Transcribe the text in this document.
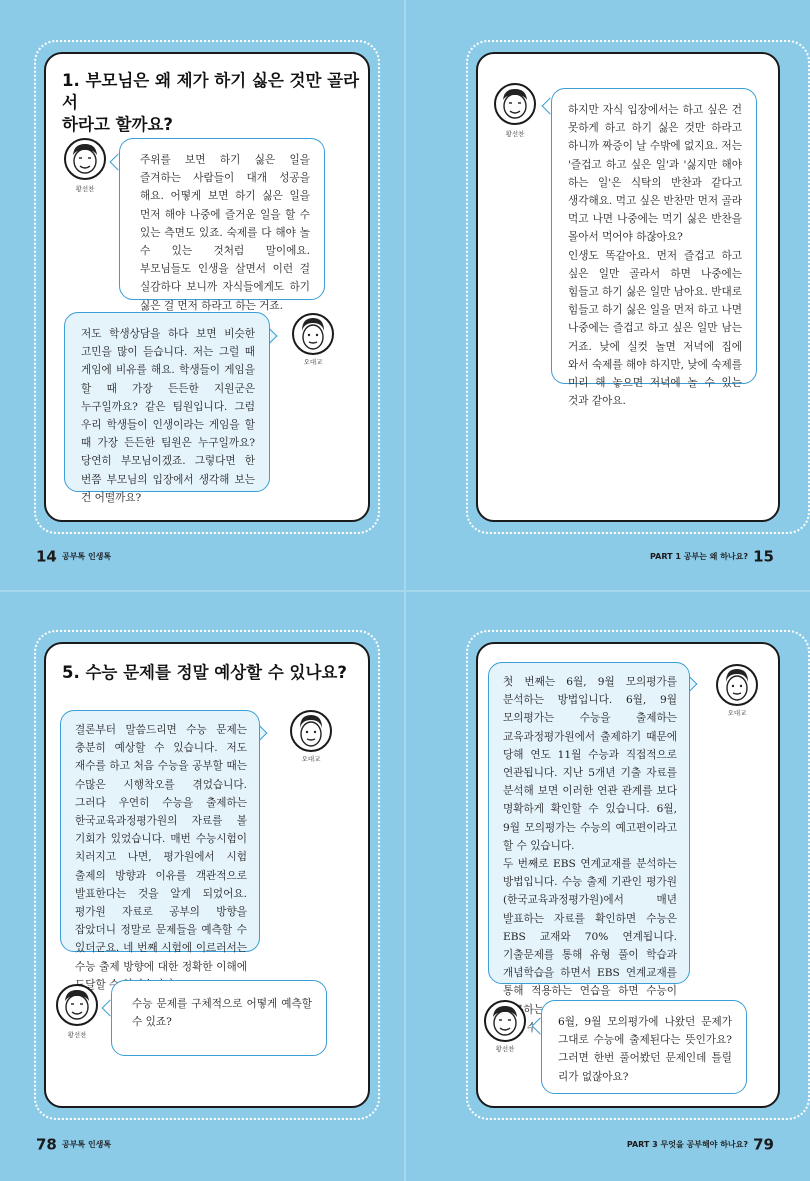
1. 부모님은 왜 제가 하기 싫은 것만 골라서
하라고 할까요?
황선찬
주위를 보면 하기 싫은 일을 즐겨하는 사람들이 대개 성공을 해요. 어떻게 보면 하기 싫은 일을 먼저 해야 나중에 즐거운 일을 할 수 있는 측면도 있죠. 숙제를 다 해야 놀 수 있는 것처럼 말이에요. 부모님들도 인생을 살면서 이런 걸 실감하다 보니까 자식들에게도 하기 싫은 걸 먼저 하라고 하는 거죠.
오대교
저도 학생상담을 하다 보면 비슷한 고민을 많이 듣습니다. 저는 그럴 때 게임에 비유를 해요. 학생들이 게임을 할 때 가장 든든한 지원군은 누구일까요? 같은 팀원입니다. 그럼 우리 학생들이 인생이라는 게임을 할 때 가장 든든한 팀원은 누구일까요? 당연히 부모님이겠죠. 그렇다면 한 번쯤 부모님의 입장에서 생각해 보는 건 어떨까요?
14 공부톡 인생톡
황선찬
하지만 자식 입장에서는 하고 싶은 건 못하게 하고 하기 싫은 것만 하라고 하니까 짜증이 날 수밖에 없지요. 저는 '즐겁고 하고 싶은 일'과 '싫지만 해야 하는 일'은 식탁의 반찬과 같다고 생각해요. 먹고 싶은 반찬만 먼저 골라 먹고 나면 나중에는 먹기 싫은 반찬을 몰아서 먹어야 하잖아요?
인생도 똑같아요. 먼저 즐겁고 하고 싶은 일만 골라서 하면 나중에는 힘들고 하기 싫은 일만 남아요. 반대로 힘들고 하기 싫은 일을 먼저 하고 나면 나중에는 즐겁고 하고 싶은 일만 남는 거죠. 낮에 실컷 놀면 저녁에 집에 와서 숙제를 해야 하지만, 낮에 숙제를 미리 해 놓으면 저녁에 놀 수 있는 것과 같아요.
PART 1 공부는 왜 하나요? 15
5. 수능 문제를 정말 예상할 수 있나요?
오대교
결론부터 말씀드리면 수능 문제는 충분히 예상할 수 있습니다. 저도 재수를 하고 처음 수능을 공부할 때는 수많은 시행착오를 겪었습니다. 그러다 우연히 수능을 출제하는 한국교육과정평가원의 자료를 볼 기회가 있었습니다. 매번 수능시험이 치러지고 나면, 평가원에서 시험 출제의 방향과 이유를 객관적으로 발표한다는 것을 알게 되었어요. 평가원 자료로 공부의 방향을 잡았더니 정말로 문제들을 예측할 수 있더군요. 네 번째 시험에 이르러서는 수능 출제 방향에 대한 정확한 이해에 도달할
황선찬
수능 문제를 구체적으로 어떻게 예측할 수 있죠?
78 공부톡 인생톡
오대교
첫 번째는 6월, 9월 모의평가를 분석하는 방법입니다. 6월, 9월 모의평가는 수능을 출제하는 교육과정평가원에서 출제하기 때문에 당해 연도 11월 수능과 직접적으로 연관됩니다. 지난 5개년 기출 자료를 분석해 보면 이러한 연관 관계를 보다 명확하게 확인할 수 있습니다. 6월, 9월 모의평가는 수능의 예고편이라고 할 수 있습니다.
두 번째로 EBS 연계교재를 분석하는 방법입니다. 수능 출제 기관인 평가원(한국교육과정평가원)에서 매년 발표하는 자료를 확인하면 수능은 EBS 교재와 70% 연계됩니다. 기출문제를 통해 유형 풀이 학습과 개념학습을 하면서 EBS 연계교재를 통해 적용하는 연습을 하면 수능이 요구하는 수
황선찬
6월, 9월 모의평가에 나왔던 문제가 그대로 수능에 출제된다는 뜻인가요? 그러면 한번 풀어봤던 문제인데 틀릴 리가 없잖아요?
PART 3 무엇을 공부해야 하나요? 79
